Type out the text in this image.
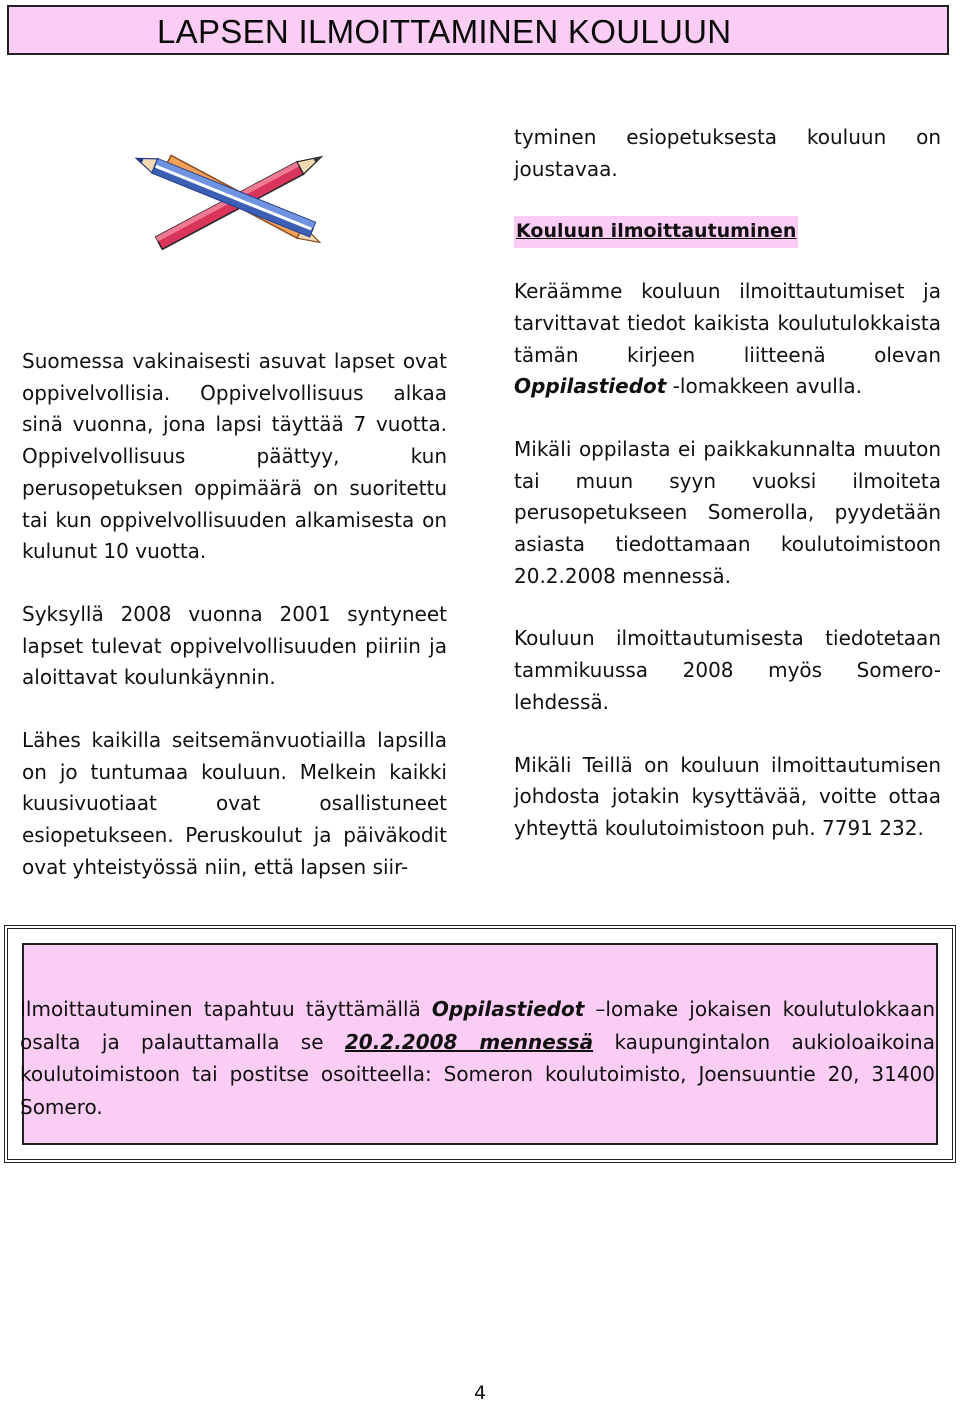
LAPSEN ILMOITTAMINEN KOULUUN

Suomessa vakinaisesti asuvat lapset ovat oppivelvollisia. Oppivelvollisuus alkaa sinä vuonna, jona lapsi täyttää 7 vuotta. Oppivelvollisuus päättyy, kun perusopetuksen oppimäärä on suoritettu tai kun oppivelvollisuuden alkamisesta on kulunut 10 vuotta.

Syksyllä 2008 vuonna 2001 syntyneet lapset tulevat oppivelvollisuuden piiriin ja aloittavat koulunkäynnin.

Lähes kaikilla seitsemänvuotiailla lapsilla on jo tuntumaa kouluun. Melkein kaikki kuusivuotiaat ovat osallistuneet esiopetukseen. Peruskoulut ja päiväkodit ovat yhteistyössä niin, että lapsen siir-

tyminen esiopetuksesta kouluun on joustavaa.

Kouluun ilmoittautuminen

Keräämme kouluun ilmoittautumiset ja tarvittavat tiedot kaikista koulutulokkaista tämän kirjeen liitteenä olevan Oppilastiedot -lomakkeen avulla.

Mikäli oppilasta ei paikkakunnalta muuton tai muun syyn vuoksi ilmoiteta perusopetukseen Somerolla, pyydetään asiasta tiedottamaan koulutoimistoon 20.2.2008 mennessä.

Kouluun ilmoittautumisesta tiedotetaan tammikuussa 2008 myös Somero-lehdessä.

Mikäli Teillä on kouluun ilmoittautumisen johdosta jotakin kysyttävää, voitte ottaa yhteyttä koulutoimistoon puh. 7791 232.

Ilmoittautuminen tapahtuu täyttämällä Oppilastiedot –lomake jokaisen koulutulokkaan osalta ja palauttamalla se 20.2.2008 mennessä kaupungintalon aukioloaikoina koulutoimistoon tai postitse osoitteella: Someron koulutoimisto, Joensuuntie 20, 31400 Somero.
4
